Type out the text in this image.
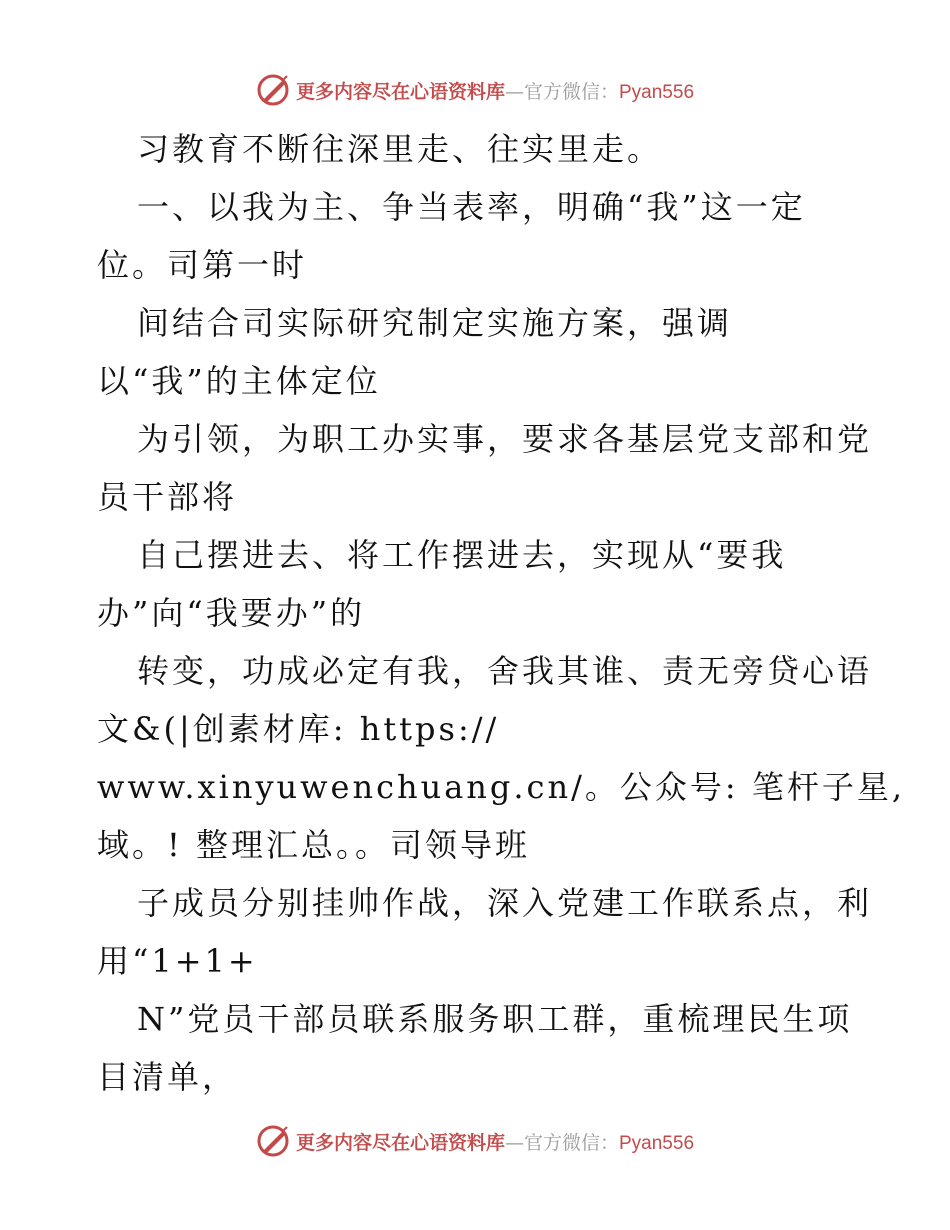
更多内容尽在心语资料库—官方微信：Pyan556
习教育不断往深里走、往实里走。
一、以我为主、争当表率，明确“我”这一定
位。司第一时
间结合司实际研究制定实施方案，强调
以“我”的主体定位
为引领，为职工办实事，要求各基层党支部和党
员干部将
自己摆进去、将工作摆进去，实现从“要我
办”向“我要办”的
转变，功成必定有我，舍我其谁、责无旁贷心语
文&(|创素材库: https://
www.xinyuwenchuang.cn/。公众号: 笔杆子星,
域。! 整理汇总。。司领导班
子成员分别挂帅作战，深入党建工作联系点，利
用“1+1+
N”党员干部员联系服务职工群，重梳理民生项
目清单，
更多内容尽在心语资料库—官方微信：Pyan556
